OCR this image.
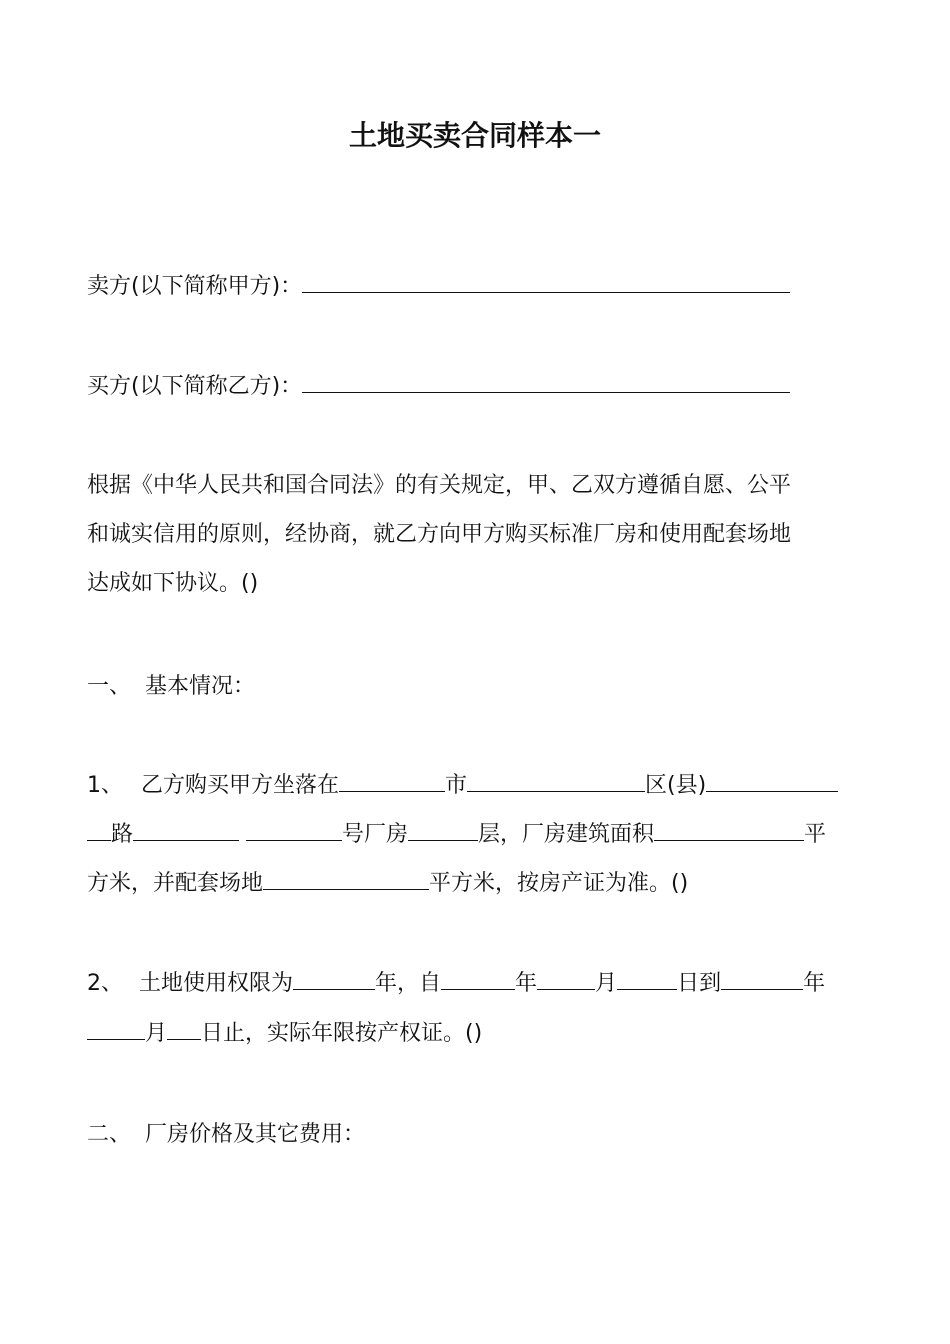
土地买卖合同样本一
卖方(以下简称甲方)：
买方(以下简称乙方)：
根据《中华人民共和国合同法》的有关规定，甲、乙双方遵循自愿、公平
和诚实信用的原则，经协商，就乙方向甲方购买标准厂房和使用配套场地
达成如下协议。()
一、  基本情况：
1、 乙方购买甲方坐落在	市	区(县)
路	号厂房	层，厂房建筑面积	平
方米，并配套场地	平方米，按房产证为准。()
2、 土地使用权限为	年，自	年	月	日到	年
月 日止，实际年限按产权证。()
二、  厂房价格及其它费用：
